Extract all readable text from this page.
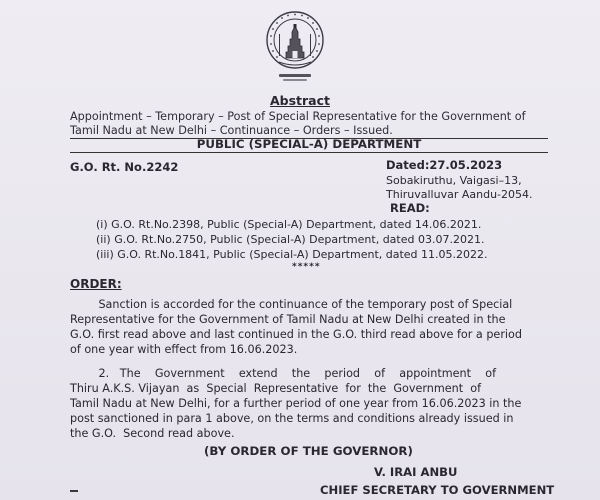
Abstract
Appointment – Temporary – Post of Special Representative for the Government of
Tamil Nadu at New Delhi – Continuance – Orders – Issued.
PUBLIC (SPECIAL-A) DEPARTMENT
G.O. Rt. No.2242	Dated:27.05.2023
Sobakiruthu, Vaigasi–13,
Thiruvalluvar Aandu-2054.
READ:
(i) G.O. Rt.No.2398, Public (Special-A) Department, dated 14.06.2021.
(ii) G.O. Rt.No.2750, Public (Special-A) Department, dated 03.07.2021.
(iii) G.O. Rt.No.1841, Public (Special-A) Department, dated 11.05.2022.
*****
ORDER:
Sanction is accorded for the continuance of the temporary post of Special
Representative for the Government of Tamil Nadu at New Delhi created in the
G.O. first read above and last continued in the G.O. third read above for a period
of one year with effect from 16.06.2023.
2.   The    Government    extend    the    period    of    appointment    of
Thiru A.K.S. Vijayan  as  Special  Representative  for  the  Government  of
Tamil Nadu at New Delhi, for a further period of one year from 16.06.2023 in the
post sanctioned in para 1 above, on the terms and conditions already issued in
the G.O.  Second read above.
(BY ORDER OF THE GOVERNOR)
V. IRAI ANBU
CHIEF SECRETARY TO GOVERNMENT
